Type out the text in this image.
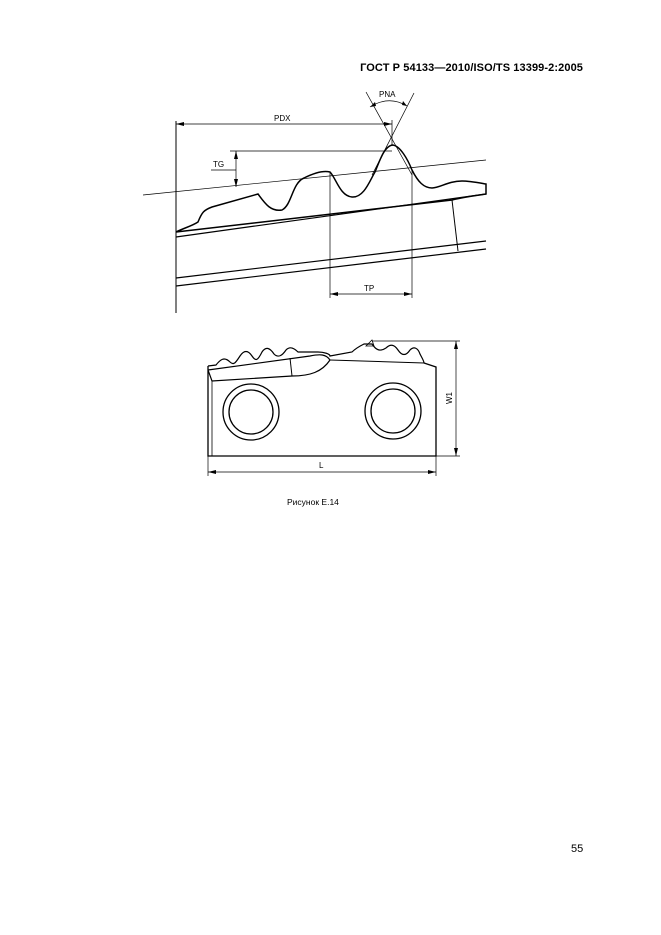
ГОСТ Р 54133—2010/ISO/TS 13399-2:2005
PNA
PDX
TG
TP
W1
L
Рисунок Е.14
55
